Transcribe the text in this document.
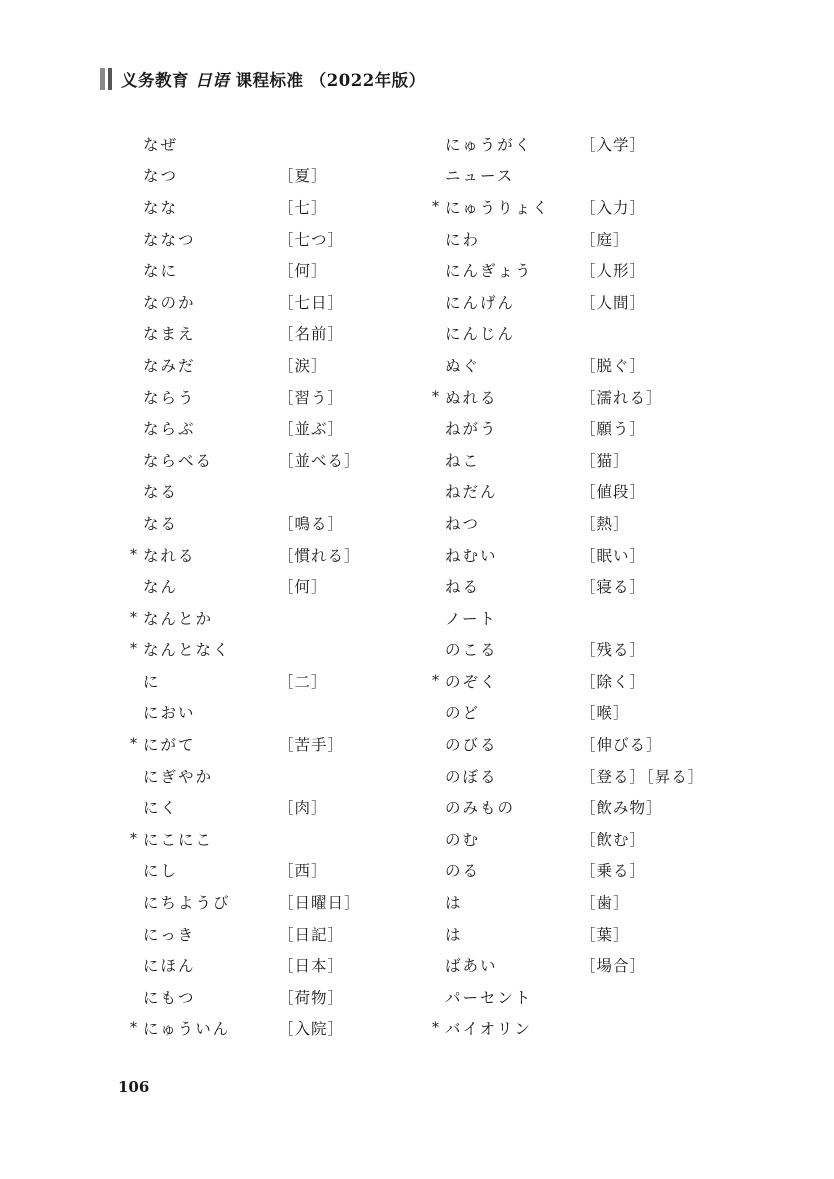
义务教育 日语 课程标准 （2022年版）
なぜ
なつ	［夏］
なな	［七］
ななつ	［七つ］
なに	［何］
なのか	［七日］
なまえ	［名前］
なみだ	［涙］
ならう	［習う］
ならぶ	［並ぶ］
ならべる	［並べる］
なる
なる	［鳴る］
* なれる	［慣れる］
なん	［何］
* なんとか
* なんとなく
に	［二］
におい
* にがて	［苦手］
にぎやか
にく	［肉］
* にこにこ
にし	［西］
にちようび	［日曜日］
にっき	［日記］
にほん	［日本］
にもつ	［荷物］
* にゅういん	［入院］
にゅうがく	［入学］
ニュース
* にゅうりょく	［入力］
にわ	［庭］
にんぎょう	［人形］
にんげん	［人間］
にんじん
ぬぐ	［脱ぐ］
* ぬれる	［濡れる］
ねがう	［願う］
ねこ	［猫］
ねだん	［値段］
ねつ	［熱］
ねむい	［眠い］
ねる	［寝る］
ノート
のこる	［残る］
* のぞく	［除く］
のど	［喉］
のびる	［伸びる］
のぼる	［登る］［昇る］
のみもの	［飲み物］
のむ	［飲む］
のる	［乗る］
は	［歯］
は	［葉］
ばあい	［場合］
パーセント
* バイオリン
106
